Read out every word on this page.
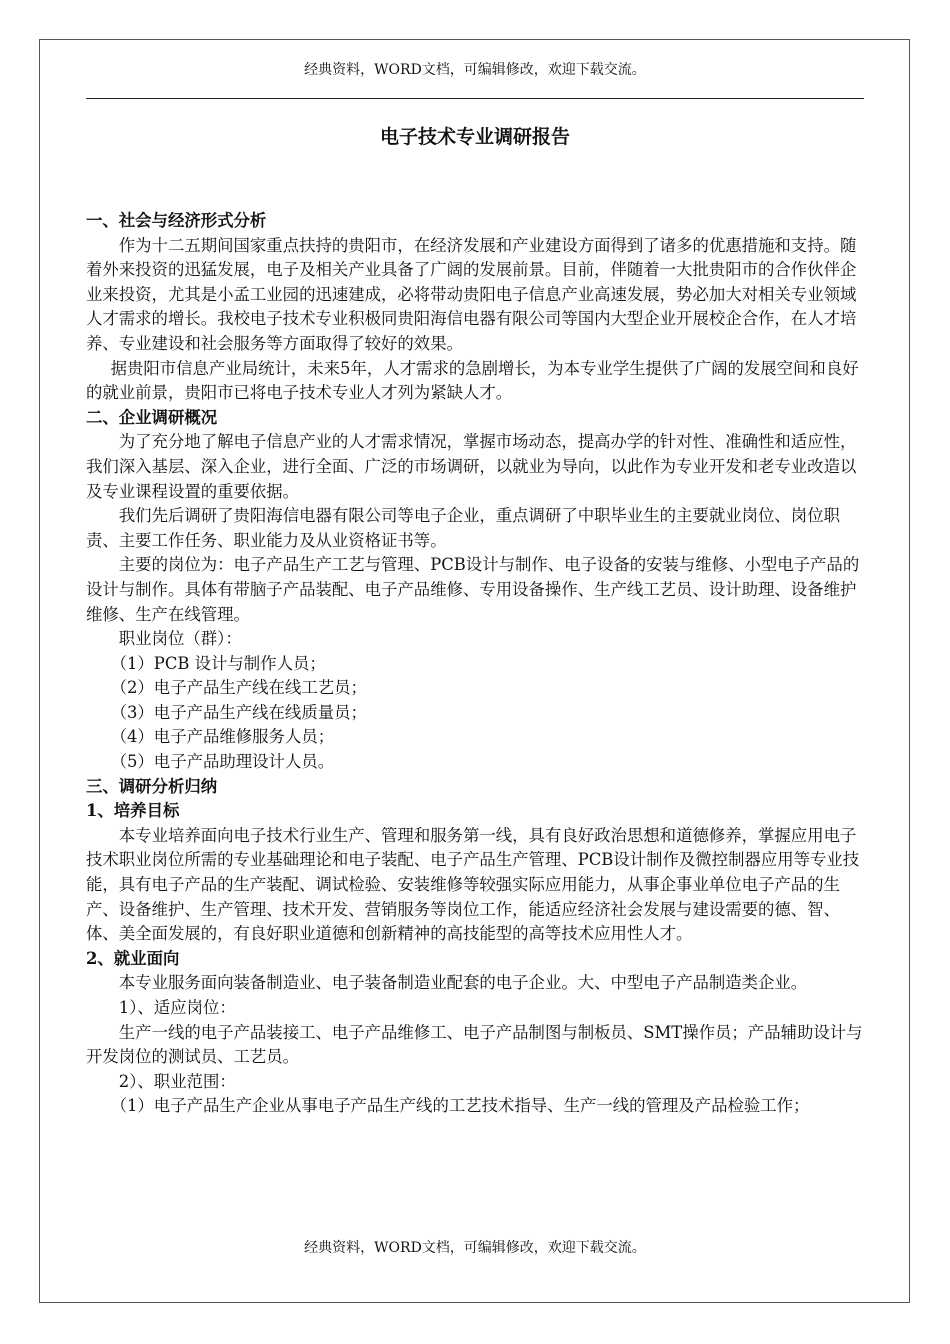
经典资料，WORD文档，可编辑修改，欢迎下载交流。
电子技术专业调研报告

一、社会与经济形式分析

作为十二五期间国家重点扶持的贵阳市，在经济发展和产业建设方面得到了诸多的优惠措施和支持。随着外来投资的迅猛发展，电子及相关产业具备了广阔的发展前景。目前，伴随着一大批贵阳市的合作伙伴企业来投资，尤其是小孟工业园的迅速建成，必将带动贵阳电子信息产业高速发展，势必加大对相关专业领域人才需求的增长。我校电子技术专业积极同贵阳海信电器有限公司等国内大型企业开展校企合作，在人才培养、专业建设和社会服务等方面取得了较好的效果。

据贵阳市信息产业局统计，未来5年，人才需求的急剧增长，为本专业学生提供了广阔的发展空间和良好的就业前景，贵阳市已将电子技术专业人才列为紧缺人才。

二、企业调研概况

为了充分地了解电子信息产业的人才需求情况，掌握市场动态，提高办学的针对性、准确性和适应性，我们深入基层、深入企业，进行全面、广泛的市场调研，以就业为导向，以此作为专业开发和老专业改造以及专业课程设置的重要依据。

我们先后调研了贵阳海信电器有限公司等电子企业，重点调研了中职毕业生的主要就业岗位、岗位职责、主要工作任务、职业能力及从业资格证书等。

主要的岗位为：电子产品生产工艺与管理、PCB设计与制作、电子设备的安装与维修、小型电子产品的设计与制作。具体有带脑子产品装配、电子产品维修、专用设备操作、生产线工艺员、设计助理、设备维护维修、生产在线管理。

职业岗位（群）：

（1）PCB 设计与制作人员；

（2）电子产品生产线在线工艺员；

（3）电子产品生产线在线质量员；

（4）电子产品维修服务人员；

（5）电子产品助理设计人员。

三、调研分析归纳

1、培养目标

本专业培养面向电子技术行业生产、管理和服务第一线，具有良好政治思想和道德修养，掌握应用电子技术职业岗位所需的专业基础理论和电子装配、电子产品生产管理、PCB设计制作及微控制器应用等专业技能，具有电子产品的生产装配、调试检验、安装维修等较强实际应用能力，从事企事业单位电子产品的生产、设备维护、生产管理、技术开发、营销服务等岗位工作，能适应经济社会发展与建设需要的德、智、体、美全面发展的，有良好职业道德和创新精神的高技能型的高等技术应用性人才。

2、就业面向

本专业服务面向装备制造业、电子装备制造业配套的电子企业。大、中型电子产品制造类企业。

1）、适应岗位：

生产一线的电子产品装接工、电子产品维修工、电子产品制图与制板员、SMT操作员；产品辅助设计与开发岗位的测试员、工艺员。

2）、职业范围：

（1）电子产品生产企业从事电子产品生产线的工艺技术指导、生产一线的管理及产品检验工作；

经典资料，WORD文档，可编辑修改，欢迎下载交流。
